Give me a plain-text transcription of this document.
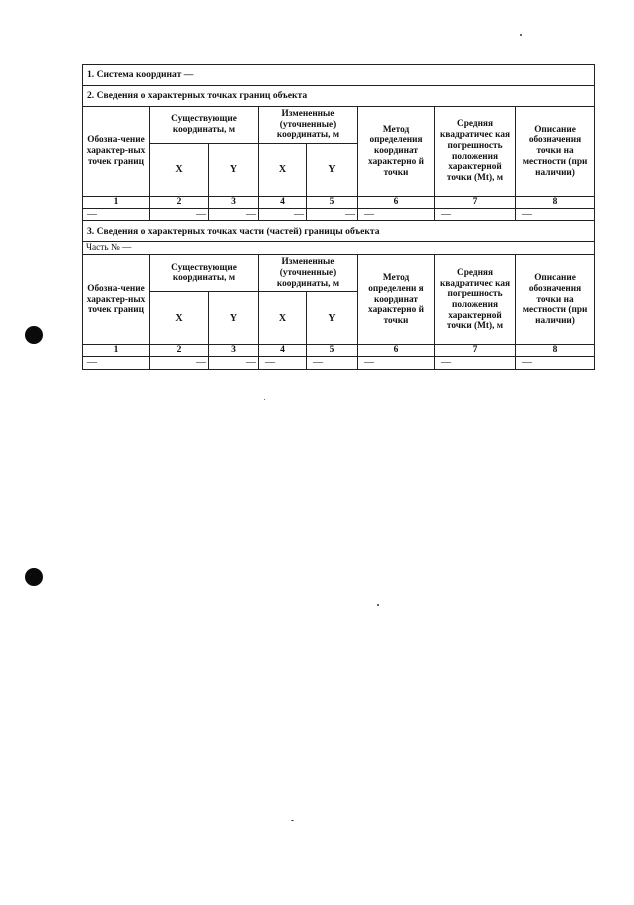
1. Система координат —							
2. Сведения о характерных точках границ объекта							
Обозна-чение характер-ных точек границ	Существующие координаты, м		Измененные (уточненные) координаты, м		Метод определения координат характерно й точки	Средняя квадратичес кая погрешность положения характерной точки (Mt), м	Описание обозначения точки на местности (при наличии)
	X	Y	X	Y			
1	2	3	4	5	6	7	8
—	—	—	—	—	—	—	—
3. Сведения о характерных точках части (частей) границы объекта							
Часть № —							
Обозна-чение характер-ных точек границ	Существующие координаты, м		Измененные (уточненные) координаты, м		Метод определени я координат характерно й точки	Средняя квадратичес кая погрешность положения характерной точки (Mt), м	Описание обозначения точки на местности (при наличии)
	X	Y	X	Y			
1	2	3	4	5	6	7	8
—	—	—	—	—	—	—	—
